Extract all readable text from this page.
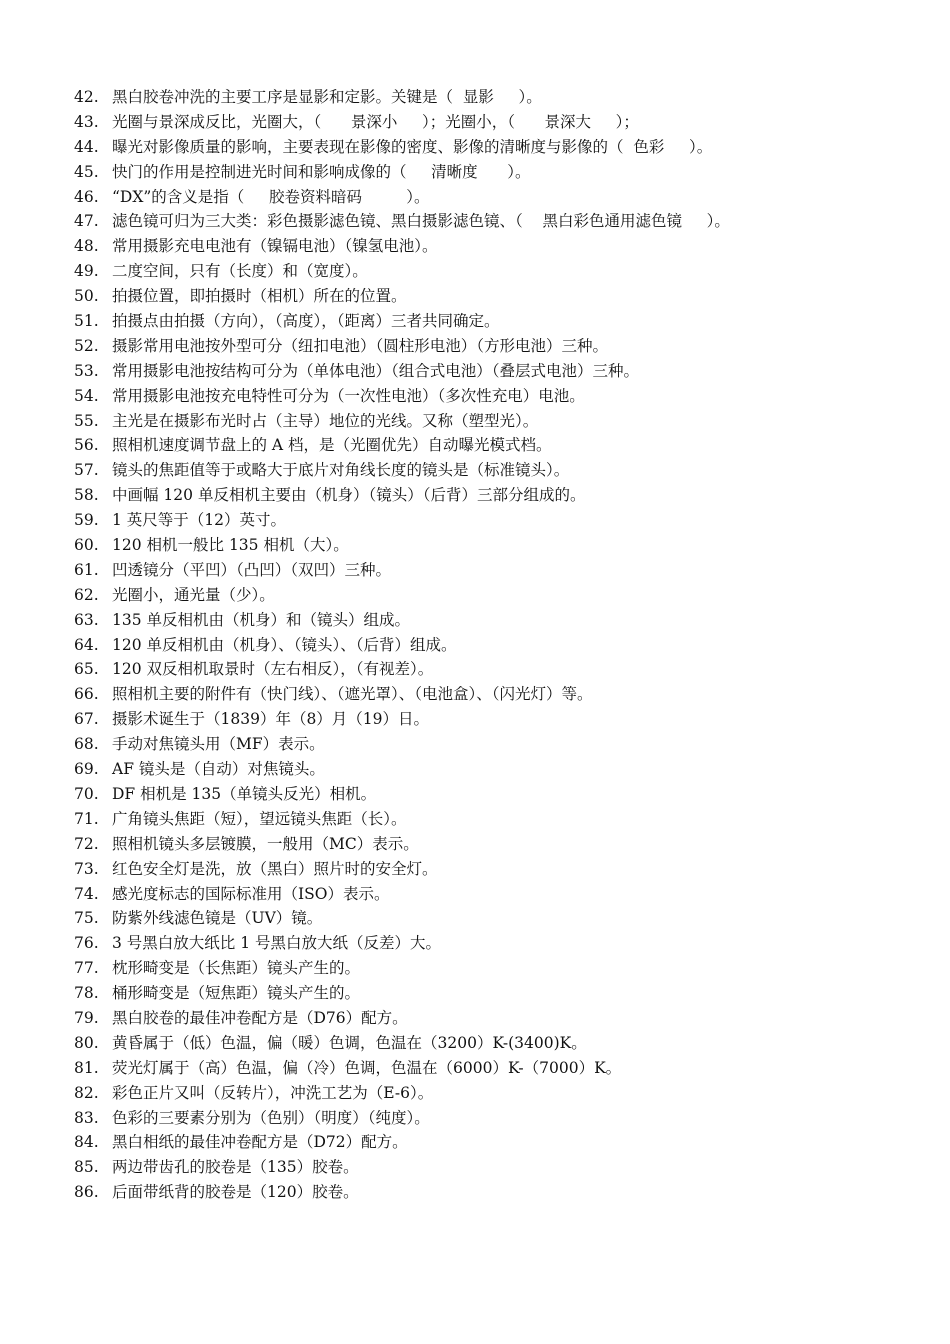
42. 黑白胶卷冲洗的主要工序是显影和定影。关键是（  显影     ）。
43. 光圈与景深成反比，光圈大，（      景深小     ）；光圈小，（      景深大     ）；
44. 曝光对影像质量的影响，主要表现在影像的密度、影像的清晰度与影像的（  色彩     ）。
45. 快门的作用是控制进光时间和影响成像的（     清晰度      ）。
46. “DX”的含义是指（     胶卷资料暗码         ）。
47. 滤色镜可归为三大类：彩色摄影滤色镜、黑白摄影滤色镜、（    黑白彩色通用滤色镜     ）。
48. 常用摄影充电电池有（镍镉电池）（镍氢电池）。
49. 二度空间，只有（长度）和（宽度）。
50. 拍摄位置，即拍摄时（相机）所在的位置。
51. 拍摄点由拍摄（方向），（高度），（距离）三者共同确定。
52. 摄影常用电池按外型可分（纽扣电池）（圆柱形电池）（方形电池）三种。
53. 常用摄影电池按结构可分为（单体电池）（组合式电池）（叠层式电池）三种。
54. 常用摄影电池按充电特性可分为（一次性电池）（多次性充电）电池。
55. 主光是在摄影布光时占（主导）地位的光线。又称（塑型光）。
56. 照相机速度调节盘上的 A 档，是（光圈优先）自动曝光模式档。
57. 镜头的焦距值等于或略大于底片对角线长度的镜头是（标准镜头）。
58. 中画幅 120 单反相机主要由（机身）（镜头）（后背）三部分组成的。
59. 1 英尺等于（12）英寸。
60. 120 相机一般比 135 相机（大）。
61. 凹透镜分（平凹）（凸凹）（双凹）三种。
62. 光圈小，通光量（少）。
63. 135 单反相机由（机身）和（镜头）组成。
64. 120 单反相机由（机身）、（镜头）、（后背）组成。
65. 120 双反相机取景时（左右相反），（有视差）。
66. 照相机主要的附件有（快门线）、（遮光罩）、（电池盒）、（闪光灯）等。
67. 摄影术诞生于（1839）年（8）月（19）日。
68. 手动对焦镜头用（MF）表示。
69. AF 镜头是（自动）对焦镜头。
70. DF 相机是 135（单镜头反光）相机。
71. 广角镜头焦距（短），望远镜头焦距（长）。
72. 照相机镜头多层镀膜，一般用（MC）表示。
73. 红色安全灯是洗，放（黑白）照片时的安全灯。
74. 感光度标志的国际标准用（ISO）表示。
75. 防紫外线滤色镜是（UV）镜。
76. 3 号黑白放大纸比 1 号黑白放大纸（反差）大。
77. 枕形畸变是（长焦距）镜头产生的。
78. 桶形畸变是（短焦距）镜头产生的。
79. 黑白胶卷的最佳冲卷配方是（D76）配方。
80. 黄昏属于（低）色温，偏（暖）色调，色温在（3200）K-(3400)K。
81. 荧光灯属于（高）色温，偏（冷）色调，色温在（6000）K-（7000）K。
82. 彩色正片又叫（反转片），冲洗工艺为（E-6）。
83. 色彩的三要素分别为（色别）（明度）（纯度）。
84. 黑白相纸的最佳冲卷配方是（D72）配方。
85. 两边带齿孔的胶卷是（135）胶卷。
86. 后面带纸背的胶卷是（120）胶卷。
